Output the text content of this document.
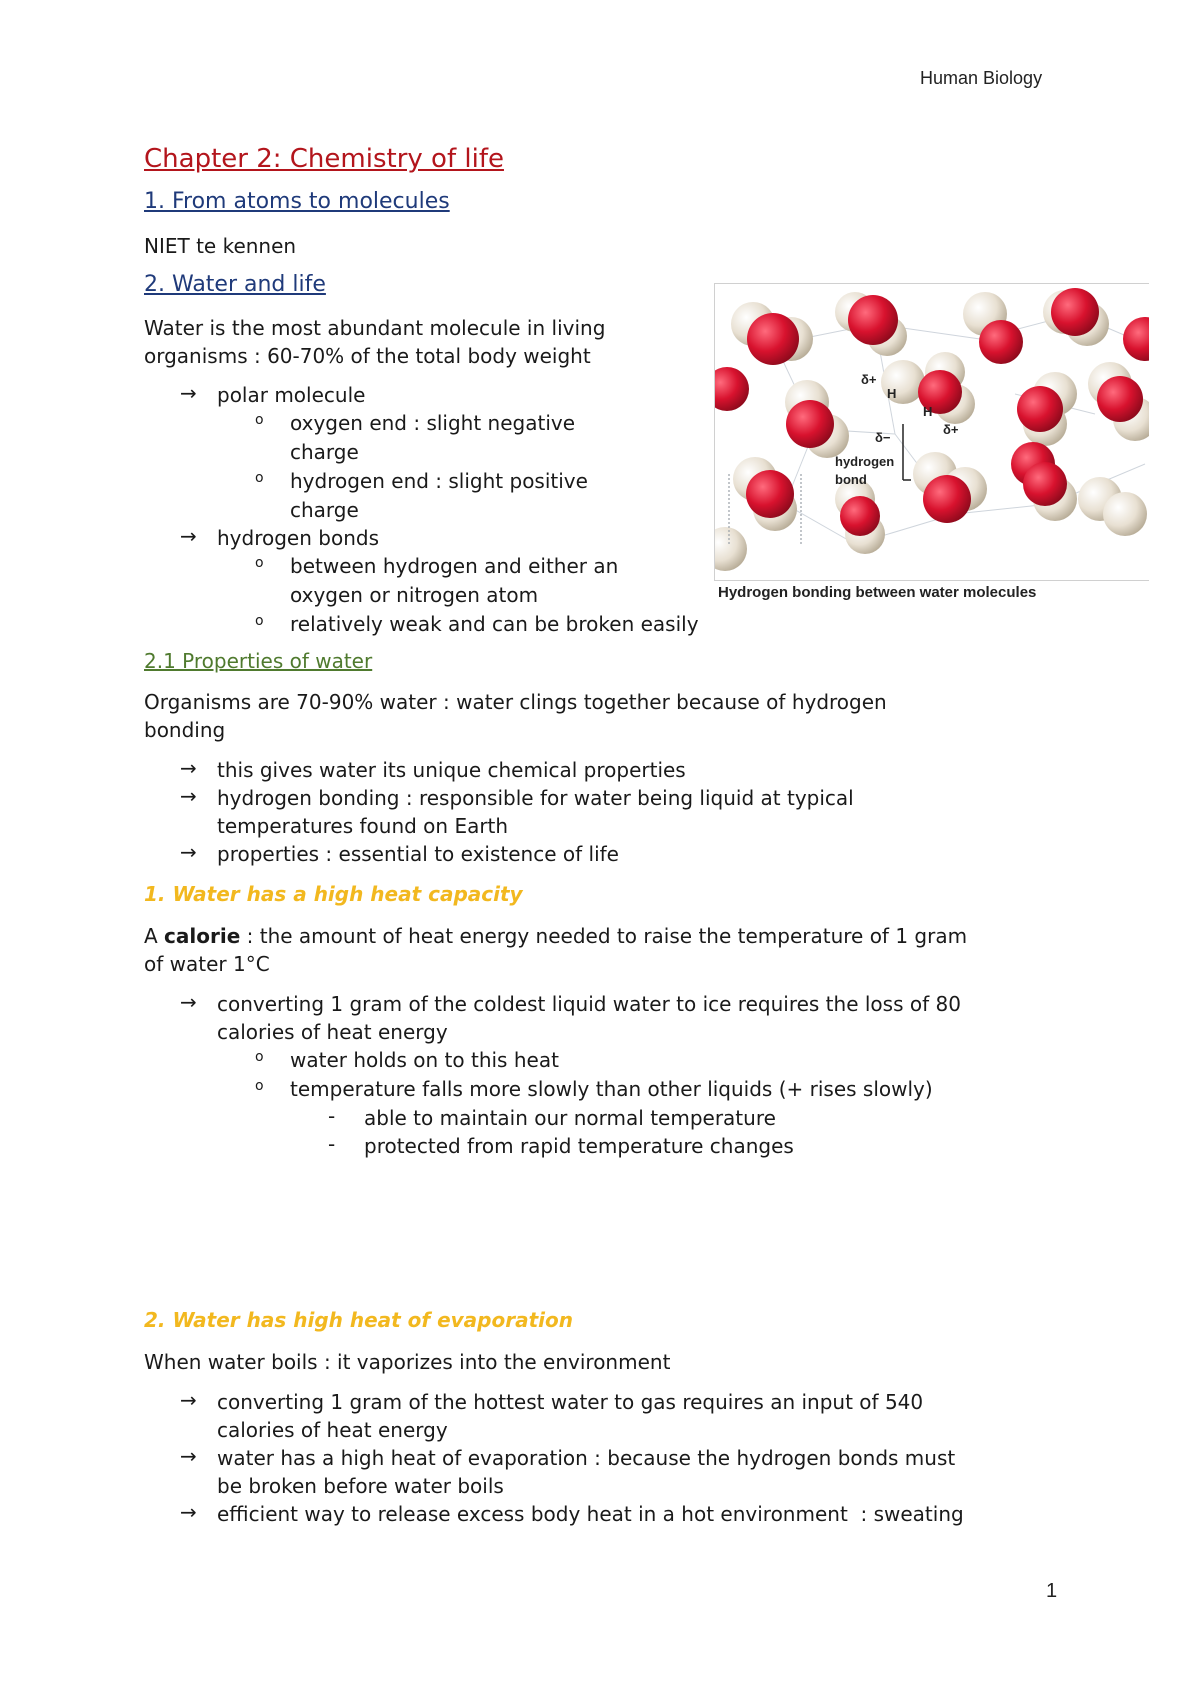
Human Biology
1
Chapter 2: Chemistry of life
1. From atoms to molecules
NIET te kennen
2. Water and life
Water is the most abundant molecule in living
organisms : 60-70% of the total body weight
→ polar molecule
o oxygen end : slight negative
charge
o hydrogen end : slight positive
charge
→ hydrogen bonds
o between hydrogen and either an
oxygen or nitrogen atom
o relatively weak and can be broken easily
δ+
H
O
H
δ−
δ+
hydrogen
bond
Hydrogen bonding between water molecules
2.1 Properties of water
Organisms are 70-90% water : water clings together because of hydrogen
bonding
→ this gives water its unique chemical properties
→ hydrogen bonding : responsible for water being liquid at typical
temperatures found on Earth
→ properties : essential to existence of life
1. Water has a high heat capacity
A calorie : the amount of heat energy needed to raise the temperature of 1 gram
of water 1°C
→ converting 1 gram of the coldest liquid water to ice requires the loss of 80
calories of heat energy
o water holds on to this heat
o temperature falls more slowly than other liquids (+ rises slowly)
- able to maintain our normal temperature
- protected from rapid temperature changes
2. Water has high heat of evaporation
When water boils : it vaporizes into the environment
→ converting 1 gram of the hottest water to gas requires an input of 540
calories of heat energy
→ water has a high heat of evaporation : because the hydrogen bonds must
be broken before water boils
→ efficient way to release excess body heat in a hot environment  : sweating
